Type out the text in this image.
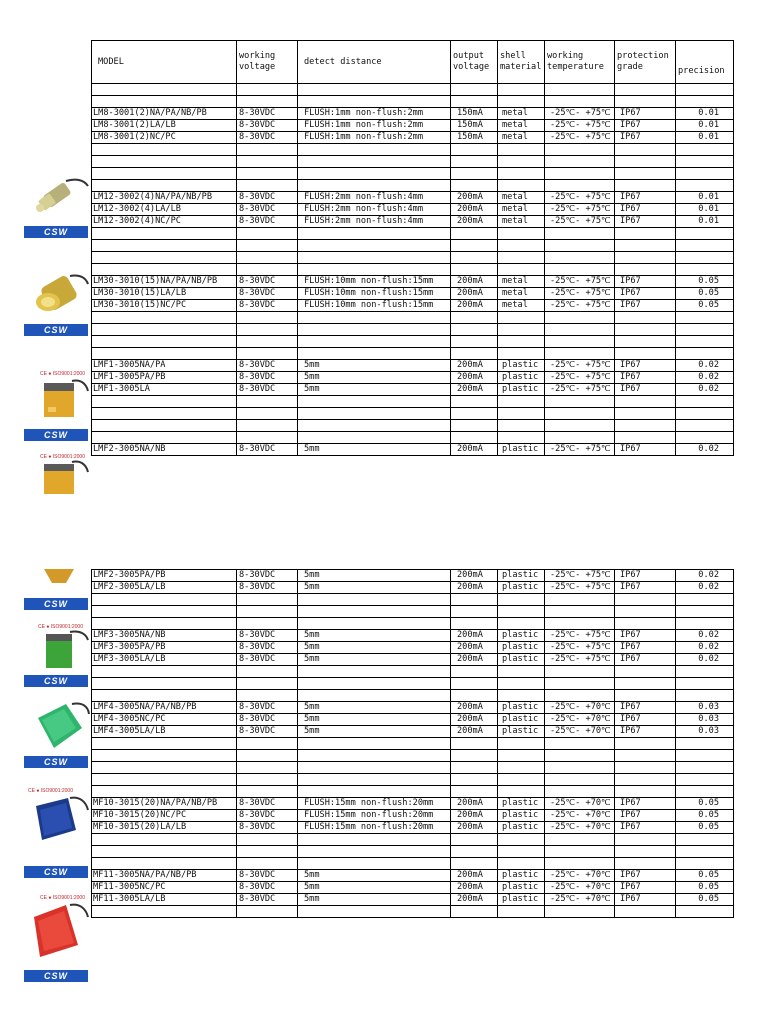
MODEL	working voltage	detect distance	output voltage	shell material	working temperature	protection grade	precision

LM8-3001(2)NA/PA/NB/PB	8-30VDC	FLUSH:1mm non-flush:2mm	150mA	metal	-25℃- +75℃	IP67	0.01
LM8-3001(2)LA/LB	8-30VDC	FLUSH:1mm non-flush:2mm	150mA	metal	-25℃- +75℃	IP67	0.01
LM8-3001(2)NC/PC	8-30VDC	FLUSH:1mm non-flush:2mm	150mA	metal	-25℃- +75℃	IP67	0.01

LM12-3002(4)NA/PA/NB/PB	8-30VDC	FLUSH:2mm non-flush:4mm	200mA	metal	-25℃- +75℃	IP67	0.01
LM12-3002(4)LA/LB	8-30VDC	FLUSH:2mm non-flush:4mm	200mA	metal	-25℃- +75℃	IP67	0.01
LM12-3002(4)NC/PC	8-30VDC	FLUSH:2mm non-flush:4mm	200mA	metal	-25℃- +75℃	IP67	0.01

LM30-3010(15)NA/PA/NB/PB	8-30VDC	FLUSH:10mm non-flush:15mm	200mA	metal	-25℃- +75℃	IP67	0.05
LM30-3010(15)LA/LB	8-30VDC	FLUSH:10mm non-flush:15mm	200mA	metal	-25℃- +75℃	IP67	0.05
LM30-3010(15)NC/PC	8-30VDC	FLUSH:10mm non-flush:15mm	200mA	metal	-25℃- +75℃	IP67	0.05

LMF1-3005NA/PA	8-30VDC	5mm	200mA	plastic	-25℃- +75℃	IP67	0.02
LMF1-3005PA/PB	8-30VDC	5mm	200mA	plastic	-25℃- +75℃	IP67	0.02
LMF1-3005LA	8-30VDC	5mm	200mA	plastic	-25℃- +75℃	IP67	0.02

LMF2-3005NA/NB	8-30VDC	5mm	200mA	plastic	-25℃- +75℃	IP67	0.02
LMF2-3005PA/PB	8-30VDC	5mm	200mA	plastic	-25℃- +75℃	IP67	0.02
LMF2-3005LA/LB	8-30VDC	5mm	200mA	plastic	-25℃- +75℃	IP67	0.02

LMF3-3005NA/NB	8-30VDC	5mm	200mA	plastic	-25℃- +75℃	IP67	0.02
LMF3-3005PA/PB	8-30VDC	5mm	200mA	plastic	-25℃- +75℃	IP67	0.02
LMF3-3005LA/LB	8-30VDC	5mm	200mA	plastic	-25℃- +75℃	IP67	0.02

LMF4-3005NA/PA/NB/PB	8-30VDC	5mm	200mA	plastic	-25℃- +70℃	IP67	0.03
LMF4-3005NC/PC	8-30VDC	5mm	200mA	plastic	-25℃- +70℃	IP67	0.03
LMF4-3005LA/LB	8-30VDC	5mm	200mA	plastic	-25℃- +70℃	IP67	0.03

MF10-3015(20)NA/PA/NB/PB	8-30VDC	FLUSH:15mm non-flush:20mm	200mA	plastic	-25℃- +70℃	IP67	0.05
MF10-3015(20)NC/PC	8-30VDC	FLUSH:15mm non-flush:20mm	200mA	plastic	-25℃- +70℃	IP67	0.05
MF10-3015(20)LA/LB	8-30VDC	FLUSH:15mm non-flush:20mm	200mA	plastic	-25℃- +70℃	IP67	0.05

MF11-3005NA/PA/NB/PB	8-30VDC	5mm	200mA	plastic	-25℃- +70℃	IP67	0.05
MF11-3005NC/PC	8-30VDC	5mm	200mA	plastic	-25℃- +70℃	IP67	0.05
MF11-3005LA/LB	8-30VDC	5mm	200mA	plastic	-25℃- +70℃	IP67	0.05

CSW
CSW
CE ● ISO9001:2000
CSW
CE ● ISO9001:2000
CSW
CE ● ISO9001:2000
CSW
CSW
CE ● ISO9001:2000
CSW
CE ● ISO9001:2000
CSW
